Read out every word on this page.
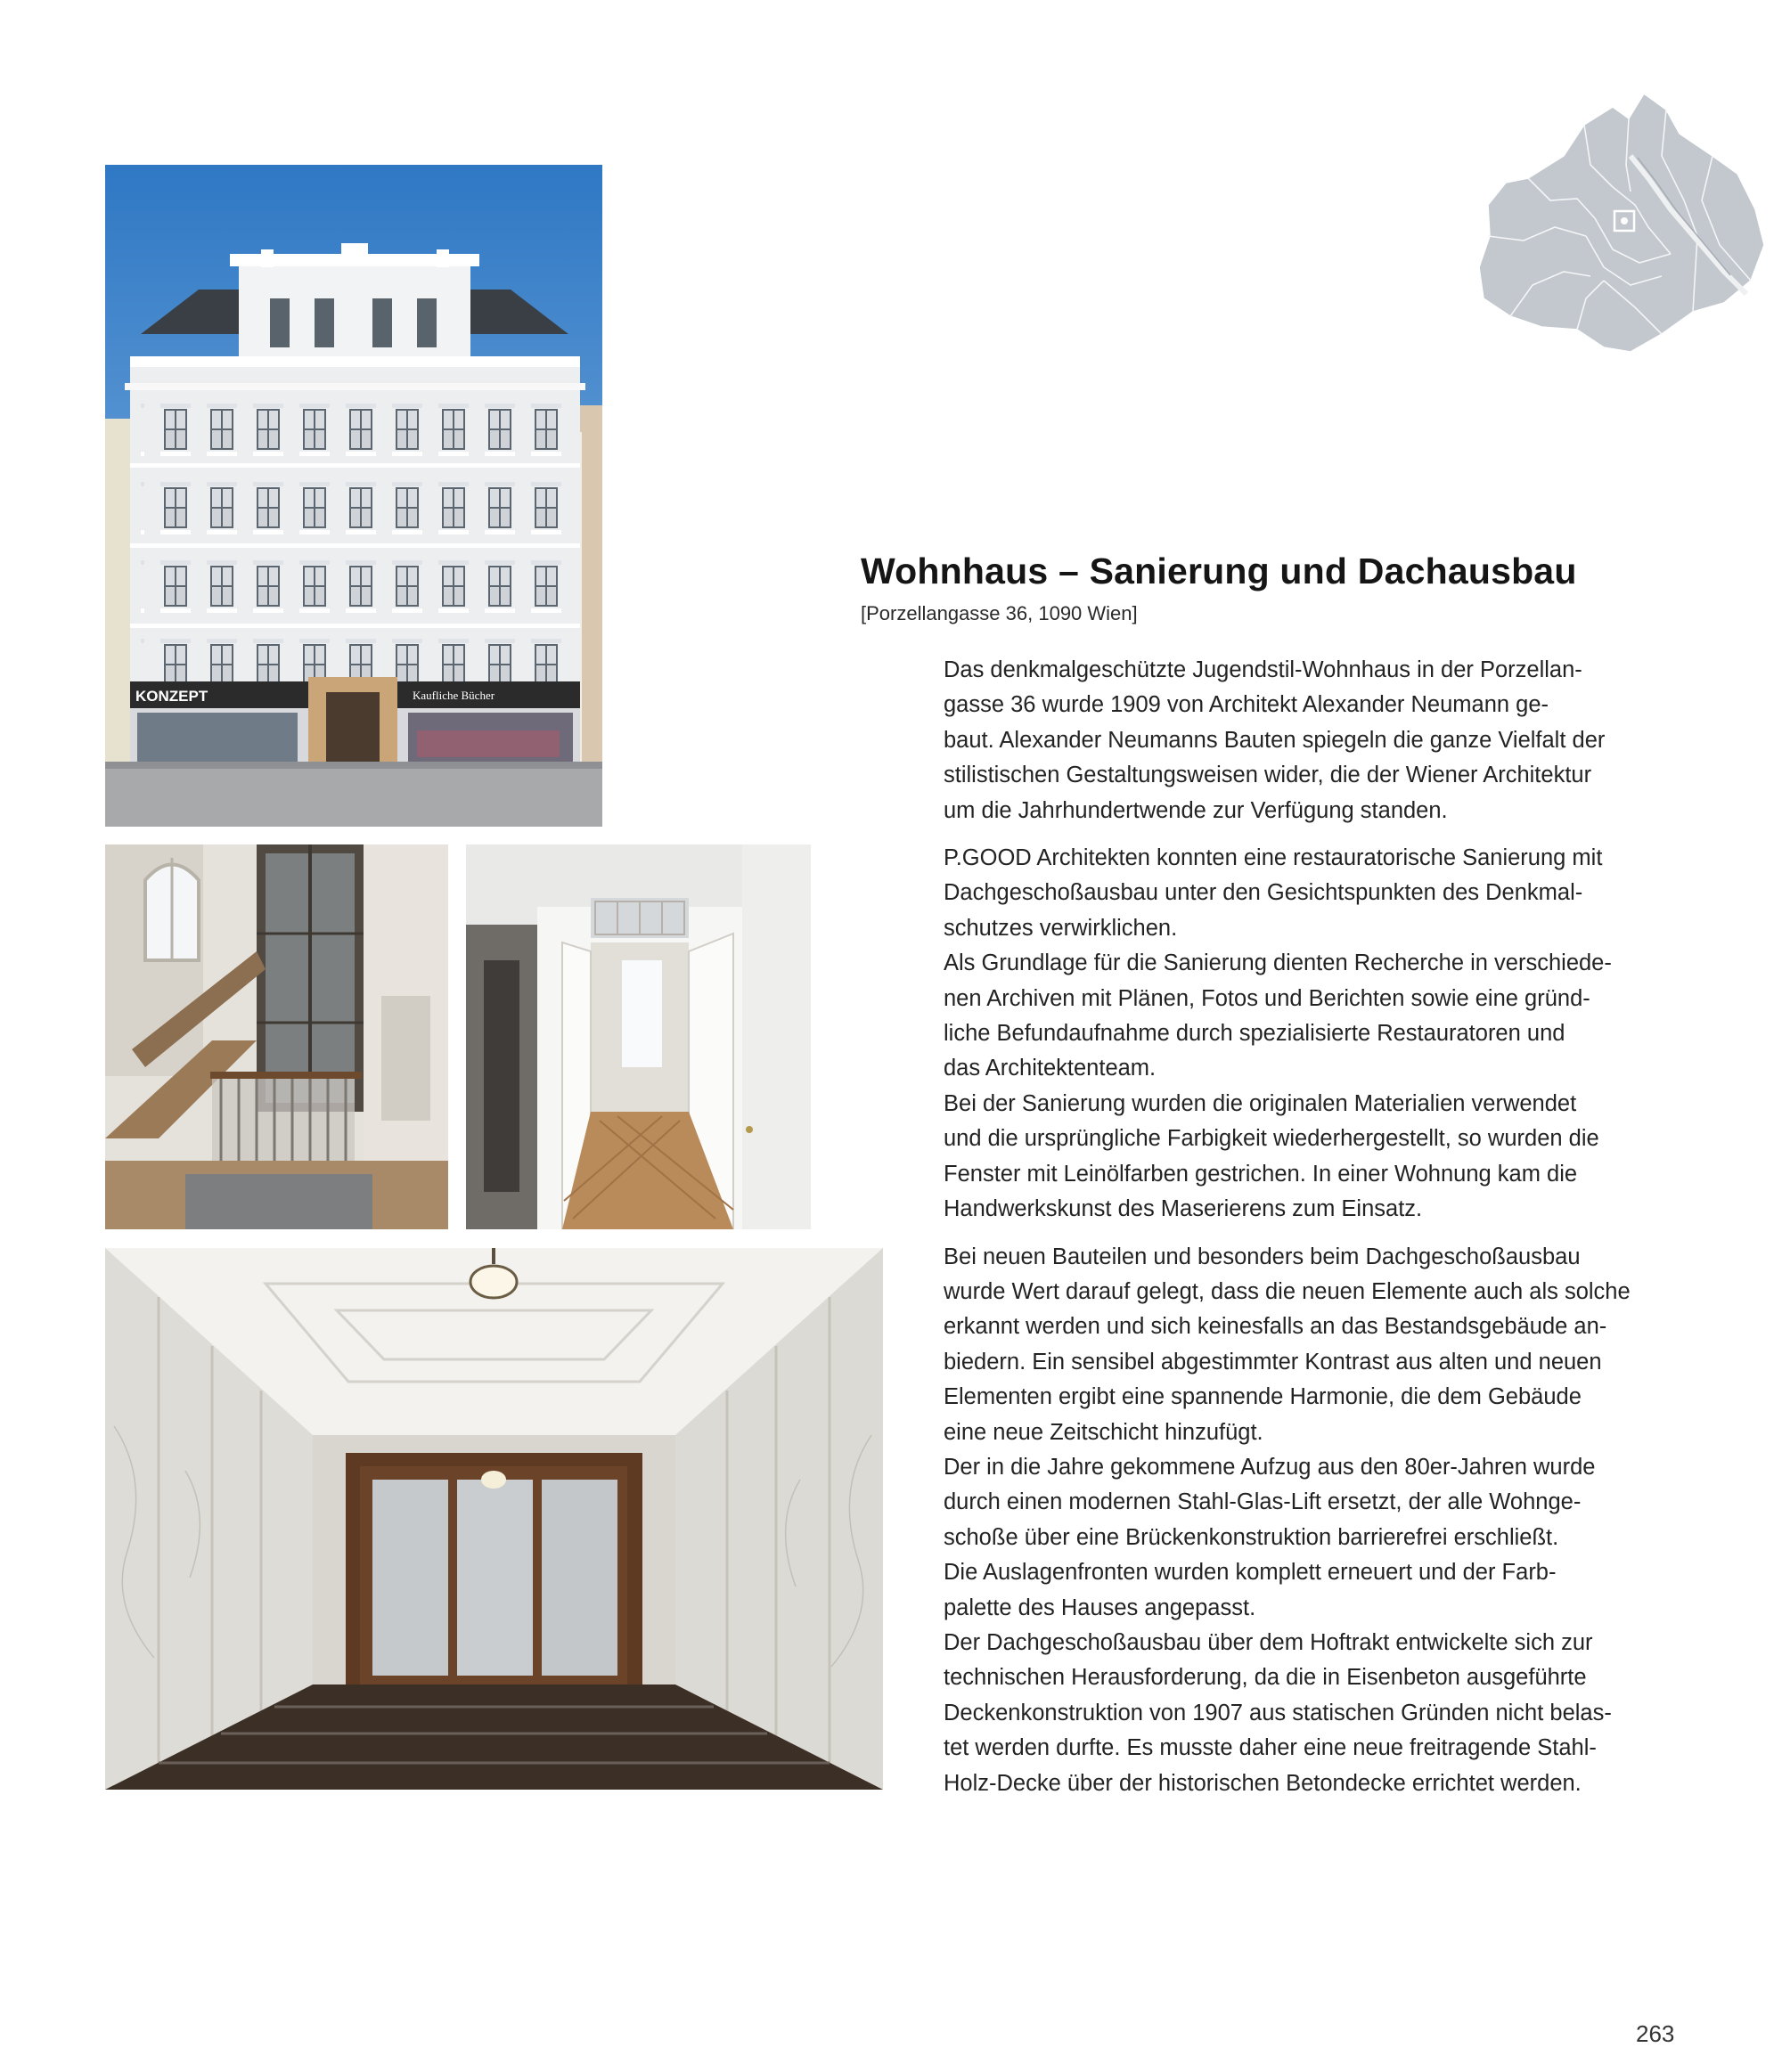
KONZEPT	Kaufliche Bücher
Wohnhaus – Sanierung und Dachausbau
[Porzellangasse 36, 1090 Wien]

Das denkmalgeschützte Jugendstil-Wohnhaus in der Porzellan-

gasse 36 wurde 1909 von Architekt Alexander Neumann ge-

baut. Alexander Neumanns Bauten spiegeln die ganze Vielfalt der

stilistischen Gestaltungsweisen wider, die der Wiener Architektur

um die Jahrhundertwende zur Verfügung standen.

P.GOOD Architekten konnten eine restauratorische Sanierung mit

Dachgeschoßausbau unter den Gesichtspunkten des Denkmal-

schutzes verwirklichen.

Als Grundlage für die Sanierung dienten Recherche in verschiede-

nen Archiven mit Plänen, Fotos und Berichten sowie eine gründ-

liche Befundaufnahme durch spezialisierte Restauratoren und

das Architektenteam.

Bei der Sanierung wurden die originalen Materialien verwendet

und die ursprüngliche Farbigkeit wiederhergestellt, so wurden die

Fenster mit Leinölfarben gestrichen. In einer Wohnung kam die

Handwerkskunst des Maserierens zum Einsatz.

Bei neuen Bauteilen und besonders beim Dachgeschoßausbau

wurde Wert darauf gelegt, dass die neuen Elemente auch als solche

erkannt werden und sich keinesfalls an das Bestandsgebäude an-

biedern. Ein sensibel abgestimmter Kontrast aus alten und neuen

Elementen ergibt eine spannende Harmonie, die dem Gebäude

eine neue Zeitschicht hinzufügt.

Der in die Jahre gekommene Aufzug aus den 80er-Jahren wurde

durch einen modernen Stahl-Glas-Lift ersetzt, der alle Wohnge-

schoße über eine Brückenkonstruktion barrierefrei erschließt.

Die Auslagenfronten wurden komplett erneuert und der Farb-

palette des Hauses angepasst.

Der Dachgeschoßausbau über dem Hoftrakt entwickelte sich zur

technischen Herausforderung, da die in Eisenbeton ausgeführte

Deckenkonstruktion von 1907 aus statischen Gründen nicht belas-

tet werden durfte. Es musste daher eine neue freitragende Stahl-

Holz-Decke über der historischen Betondecke errichtet werden.

263
